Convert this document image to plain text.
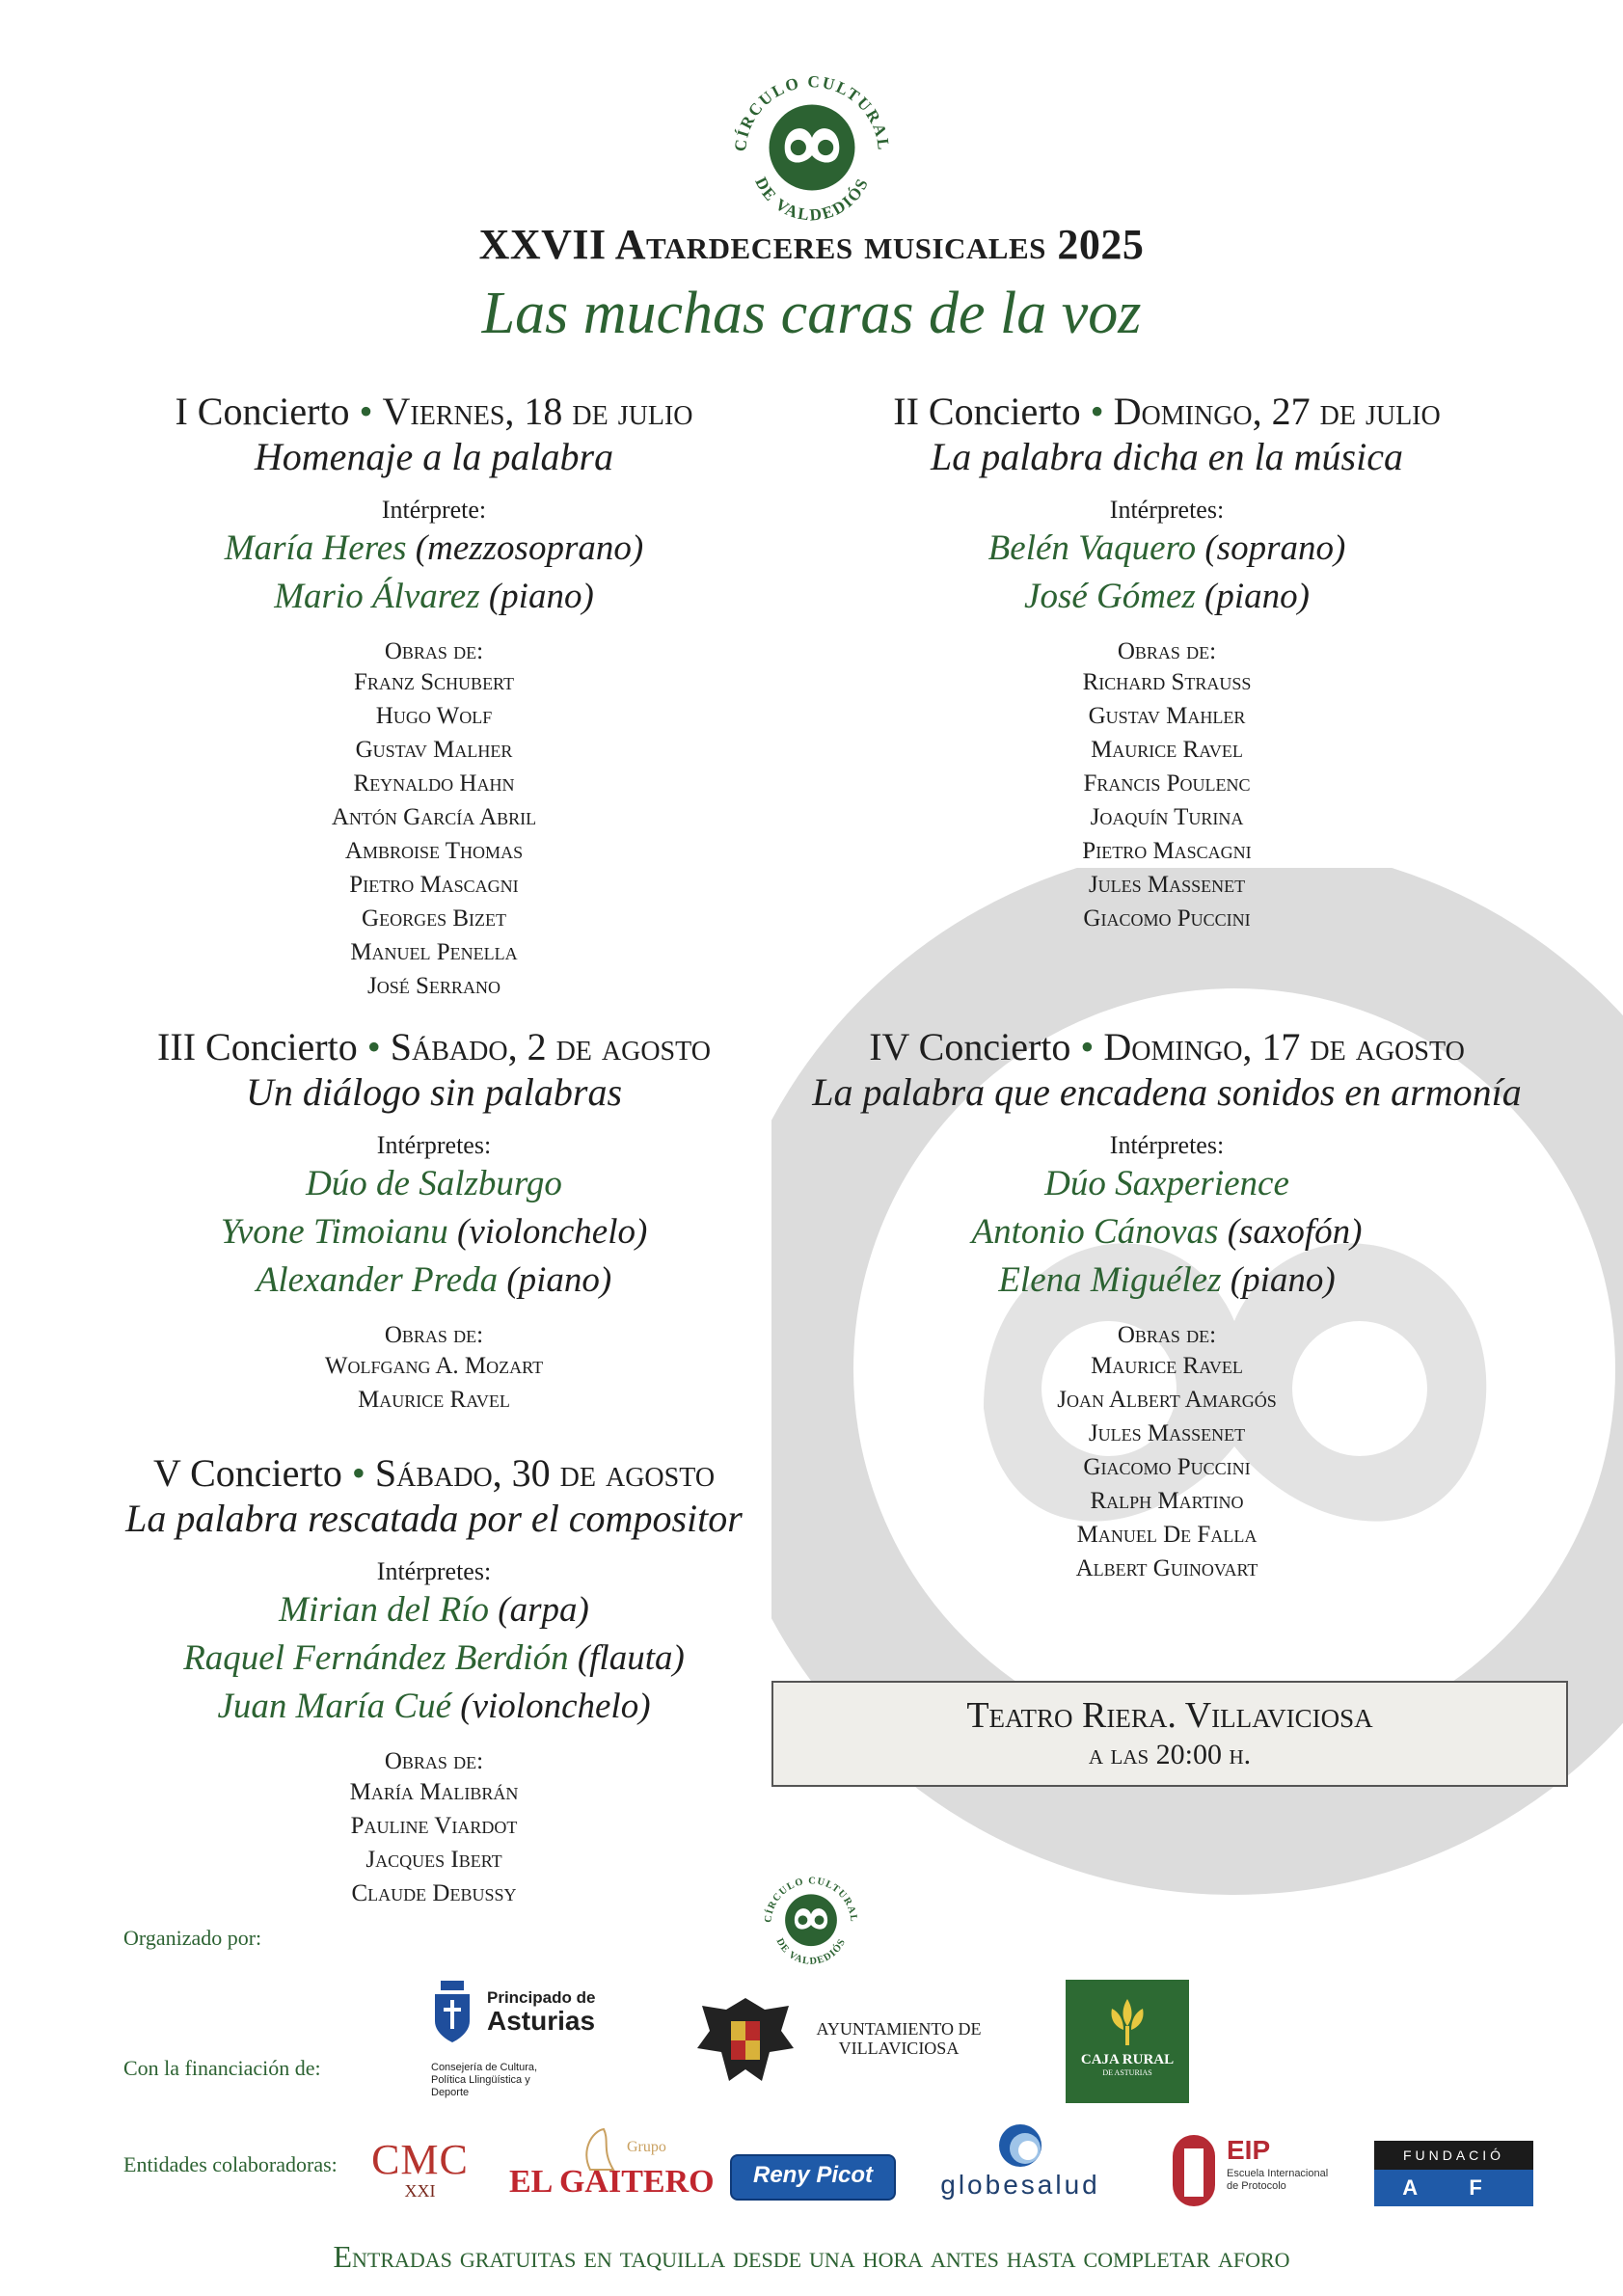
CÍRCULO CULTURAL
DE VALDEDIÓS
XXVII Atardeceres musicales 2025
Las muchas caras de la voz
I Concierto • Viernes, 18 de julio
Homenaje a la palabra
Intérprete:
María Heres (mezzosoprano)
Mario Álvarez (piano)
Obras de:
Franz Schubert
Hugo Wolf
Gustav Malher
Reynaldo Hahn
Antón García Abril
Ambroise Thomas
Pietro Mascagni
Georges Bizet
Manuel Penella
José Serrano
II Concierto • Domingo, 27 de julio
La palabra dicha en la música
Intérpretes:
Belén Vaquero (soprano)
José Gómez (piano)
Obras de:
Richard Strauss
Gustav Mahler
Maurice Ravel
Francis Poulenc
Joaquín Turina
Pietro Mascagni
Jules Massenet
Giacomo Puccini
III Concierto • Sábado, 2 de agosto
Un diálogo sin palabras
Intérpretes:
Dúo de Salzburgo
Yvone Timoianu (violonchelo)
Alexander Preda (piano)
Obras de:
Wolfgang A. Mozart
Maurice Ravel
IV Concierto • Domingo, 17 de agosto
La palabra que encadena sonidos en armonía
Intérpretes:
Dúo Saxperience
Antonio Cánovas (saxofón)
Elena Miguélez (piano)
Obras de:
Maurice Ravel
Joan Albert Amargós
Jules Massenet
Giacomo Puccini
Ralph Martino
Manuel De Falla
Albert Guinovart
V Concierto • Sábado, 30 de agosto
La palabra rescatada por el compositor
Intérpretes:
Mirian del Río (arpa)
Raquel Fernández Berdión (flauta)
Juan María Cué (violonchelo)
Obras de:
María Malibrán
Pauline Viardot
Jacques Ibert
Claude Debussy
Teatro Riera. Villaviciosa
a las 20:00 h.
CÍRCULO CULTURAL
DE VALDEDIÓS
Organizado por:
Con la financiación de:
Entidades colaboradoras:
Principado de
Asturias
Consejería de Cultura,
Política Llingüística y
Deporte
AYUNTAMIENTO DE
VILLAVICIOSA
CAJA RURAL
DE ASTURIAS
CMC
XXI
Grupo
EL GAITERO	Reny Picot	globesalud
EIP
Escuela Internacional
de Protocolo
FUNDACIÓ
A F M
Entradas gratuitas en taquilla desde una hora antes hasta completar aforo
